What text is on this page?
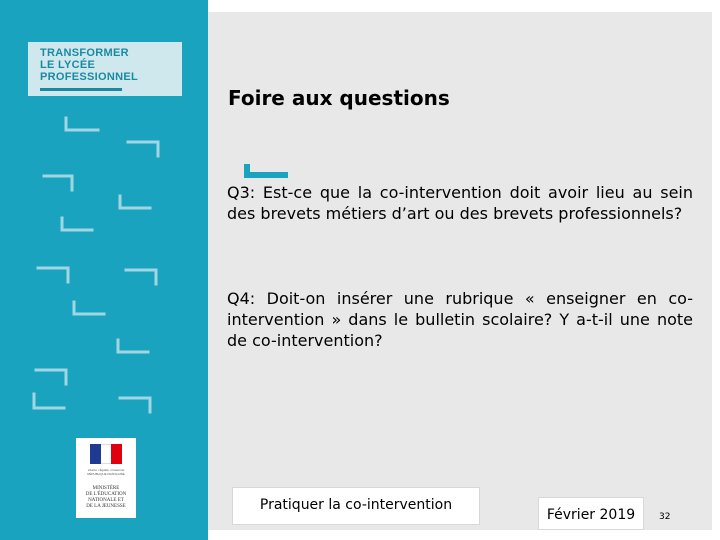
TRANSFORMER
LE LYCÉE
PROFESSIONNEL
Liberté • Égalité • Fraternité
RÉPUBLIQUE FRANÇAISE
MINISTÈRE
DE L'ÉDUCATION
NATIONALE ET
DE LA JEUNESSE
Foire aux questions
Q3: Est-ce que la co-intervention doit avoir lieu au sein des brevets métiers d’art ou des brevets professionnels?
Q4: Doit-on insérer une rubrique « enseigner en co-intervention » dans le bulletin scolaire? Y a-t-il une note de co-intervention?
Pratiquer la co-intervention
Février 2019	32
